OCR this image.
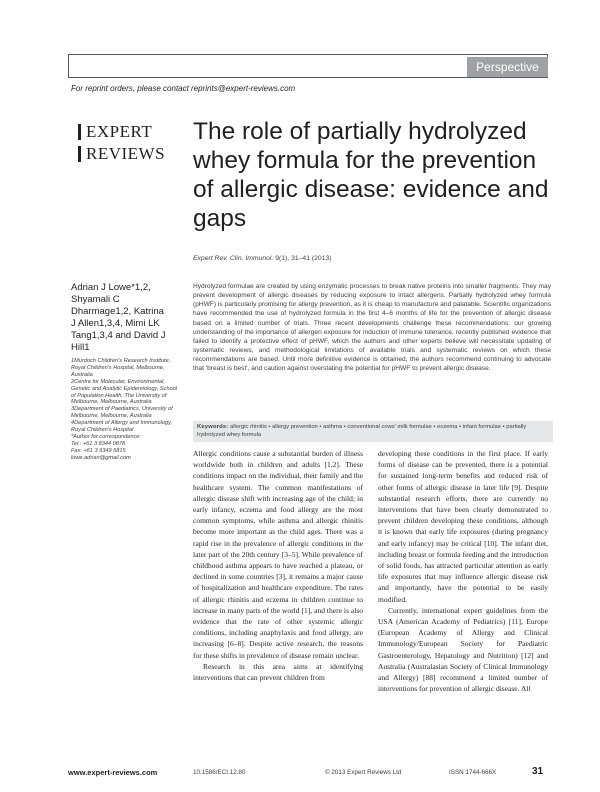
Perspective
For reprint orders, please contact reprints@expert-reviews.com
EXPERT
REVIEWS
The role of partially hydrolyzed whey formula for the prevention of allergic disease: evidence and gaps
Expert Rev. Clin. Immunol. 9(1), 31–41 (2013)
Adrian J Lowe*1,2, Shyamali C Dharmage1,2, Katrina J Allen1,3,4, Mimi LK Tang1,3,4 and David J Hill1

1Murdoch Children's Research Institute, Royal Children's Hospital, Melbourne, Australia

2Centre for Molecular, Environmental, Genetic and Analytic Epidemiology, School of Population Health, The University of Melbourne, Melbourne, Australia

3Department of Paediatrics, University of Melbourne, Melbourne, Australia

4Department of Allergy and Immunology, Royal Children's Hospital

*Author for correspondence:

Tel.: +61 3 8344 0878

Fax: +61 3 9349 5815

lowe.adrian@gmail.com

Hydrolyzed formulae are created by using enzymatic processes to break native proteins into smaller fragments. They may prevent development of allergic diseases by reducing exposure to intact allergens. Partially hydrolyzed whey formula (pHWF) is particularly promising for allergy prevention, as it is cheap to manufacture and palatable. Scientific organizations have recommended the use of hydrolyzed formula in the first 4–6 months of life for the prevention of allergic disease based on a limited number of trials. Three recent developments challenge these recommendations: our growing understanding of the importance of allergen exposure for induction of immune tolerance, recently published evidence that failed to identify a protective effect of pHWF, which the authors and other experts believe will necessitate updating of systematic reviews, and methodological limitations of available trials and systematic reviews on which these recommendations are based. Until more definitive evidence is obtained, the authors recommend continuing to advocate that 'breast is best', and caution against overstating the potential for pHWF to prevent allergic disease.

Keywords: allergic rhinitis • allergy prevention • asthma • conventional cows' milk formulae • eczema • infant formulae • partially hydrolyzed whey formula

Allergic conditions cause a substantial burden of illness worldwide both in children and adults [1,2]. These conditions impact on the individual, their family and the healthcare system. The common manifestations of allergic disease shift with increasing age of the child; in early infancy, eczema and food allergy are the most common symptoms, while asthma and allergic rhinitis become more important as the child ages. There was a rapid rise in the prevalence of allergic conditions in the later part of the 20th century [3–5]. While prevalence of childhood asthma appears to have reached a plateau, or declined in some countries [3], it remains a major cause of hospitalization and healthcare expenditure. The rates of allergic rhinitis and eczema in children continue to increase in many parts of the world [1], and there is also evidence that the rate of other systemic allergic conditions, including anaphylaxis and food allergy, are increasing [6–8]. Despite active research, the reasons for these shifts in prevalence of disease remain unclear.

Research in this area aims at identifying interventions that can prevent children from

developing these conditions in the first place. If early forms of disease can be prevented, there is a potential for sustained long-term benefits and reduced risk of other forms of allergic disease in later life [9]. Despite substantial research efforts, there are currently no interventions that have been clearly demonstrated to prevent children developing these conditions, although it is known that early life exposures (during pregnancy and early infancy) may be critical [10]. The infant diet, including breast or formula feeding and the introduction of solid foods, has attracted particular attention as early life exposures that may influence allergic disease risk and importantly, have the potential to be easily modified.

Currently, international expert guidelines from the USA (American Academy of Pediatrics) [11], Europe (European Academy of Allergy and Clinical Immunology/European Society for Paediatric Gastroenterology, Hepatology and Nutrition) [12] and Australia (Australasian Society of Clinical Immunology and Allergy) [88] recommend a limited number of interventions for prevention of allergic disease. All

www.expert-reviews.com	10.1586/ECI.12.80	© 2013 Expert Reviews Ltd	ISSN 1744-666X	31
